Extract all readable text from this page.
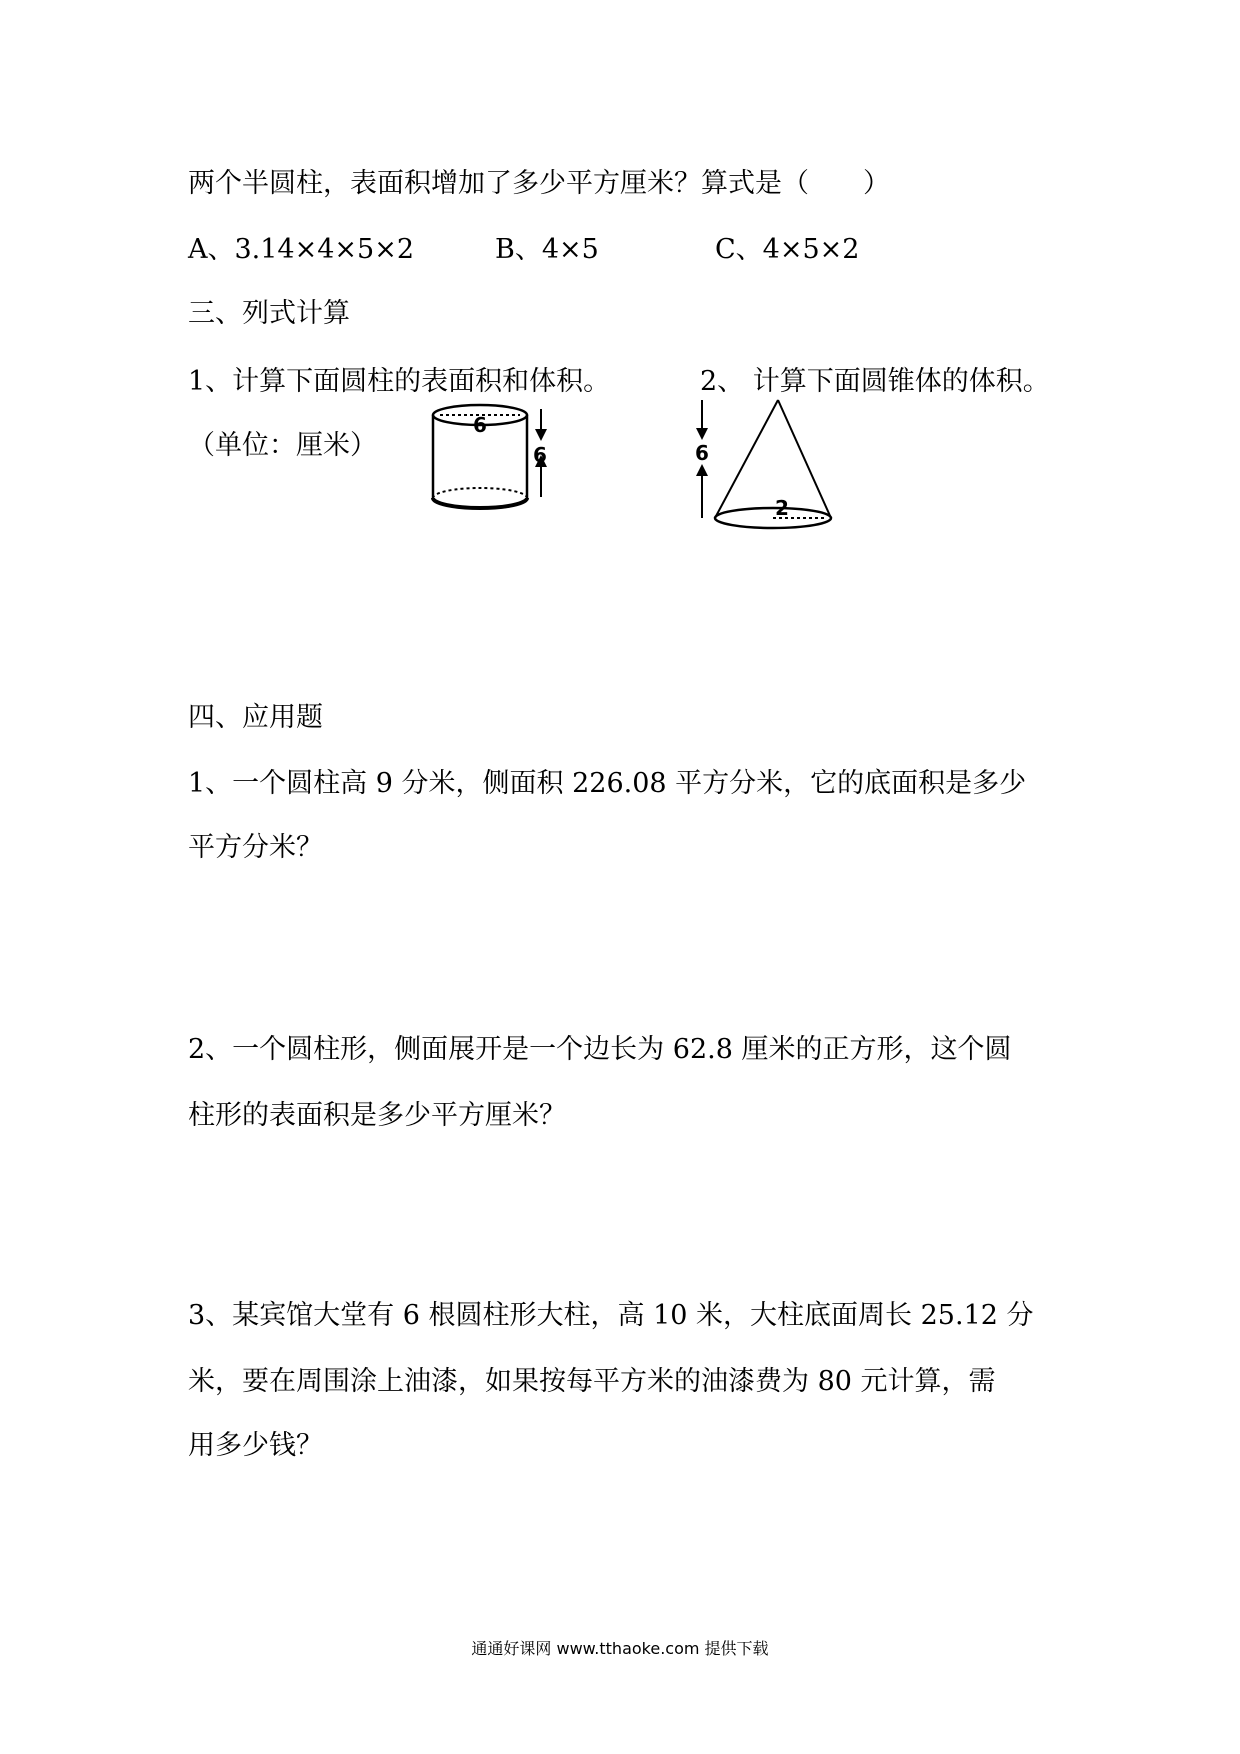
两个半圆柱，表面积增加了多少平方厘米？算式是（　　）
A、3.14×4×5×2	B、4×5	C、4×5×2
三、列式计算
1、计算下面圆柱的表面积和体积。	2、 计算下面圆锥体的体积。
（单位：厘米）
6
6
2
6
四、应用题
1、一个圆柱高 9 分米，侧面积 226.08 平方分米，它的底面积是多少
平方分米？
2、一个圆柱形，侧面展开是一个边长为 62.8 厘米的正方形，这个圆
柱形的表面积是多少平方厘米？
3、某宾馆大堂有 6 根圆柱形大柱，高 10 米，大柱底面周长 25.12 分
米，要在周围涂上油漆，如果按每平方米的油漆费为 80 元计算，需
用多少钱？
通通好课网 www.tthaoke.com 提供下载
